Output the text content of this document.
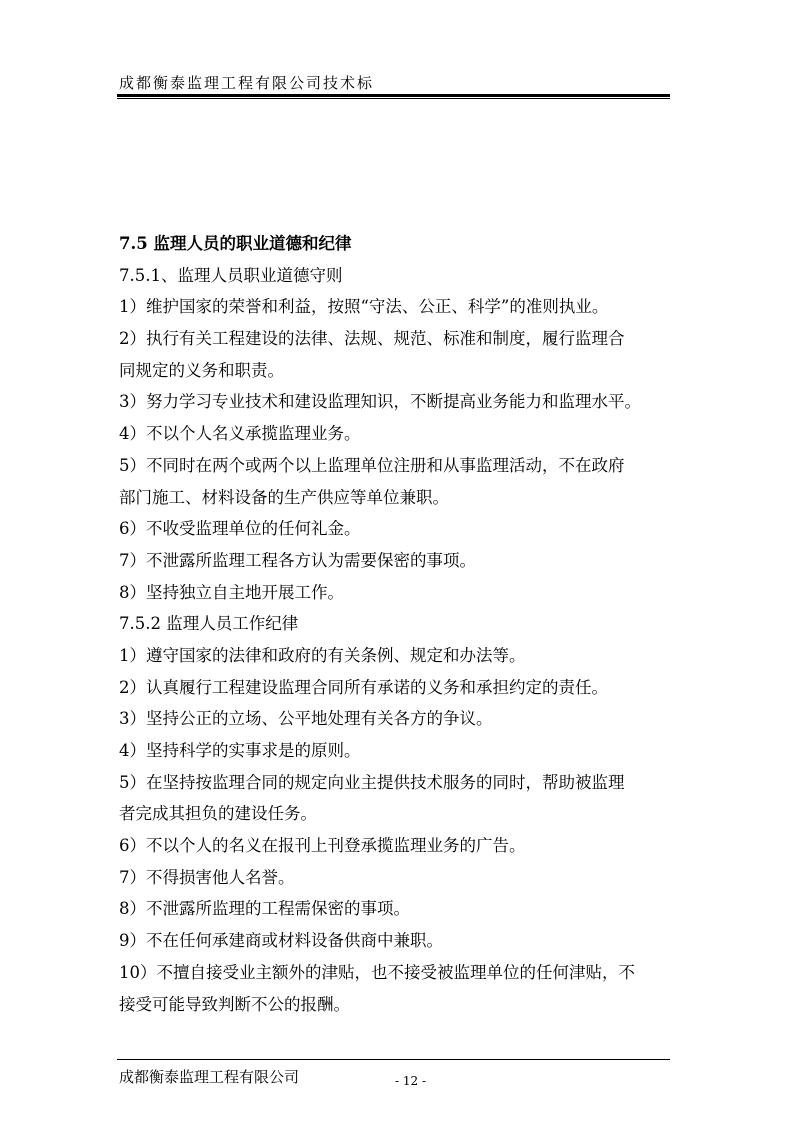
成都衡泰监理工程有限公司技术标
7.5 监理人员的职业道德和纪律
7.5.1、监理人员职业道德守则
1）维护国家的荣誉和利益，按照“守法、公正、科学”的准则执业。
2）执行有关工程建设的法律、法规、规范、标准和制度，履行监理合
同规定的义务和职责。
3）努力学习专业技术和建设监理知识，不断提高业务能力和监理水平。
4）不以个人名义承揽监理业务。
5）不同时在两个或两个以上监理单位注册和从事监理活动，不在政府
部门施工、材料设备的生产供应等单位兼职。
6）不收受监理单位的任何礼金。
7）不泄露所监理工程各方认为需要保密的事项。
8）坚持独立自主地开展工作。
7.5.2 监理人员工作纪律
1）遵守国家的法律和政府的有关条例、规定和办法等。
2）认真履行工程建设监理合同所有承诺的义务和承担约定的责任。
3）坚持公正的立场、公平地处理有关各方的争议。
4）坚持科学的实事求是的原则。
5）在坚持按监理合同的规定向业主提供技术服务的同时，帮助被监理
者完成其担负的建设任务。
6）不以个人的名义在报刊上刊登承揽监理业务的广告。
7）不得损害他人名誉。
8）不泄露所监理的工程需保密的事项。
9）不在任何承建商或材料设备供商中兼职。
10）不擅自接受业主额外的津贴，也不接受被监理单位的任何津贴，不
接受可能导致判断不公的报酬。
成都衡泰监理工程有限公司	- 12 -
